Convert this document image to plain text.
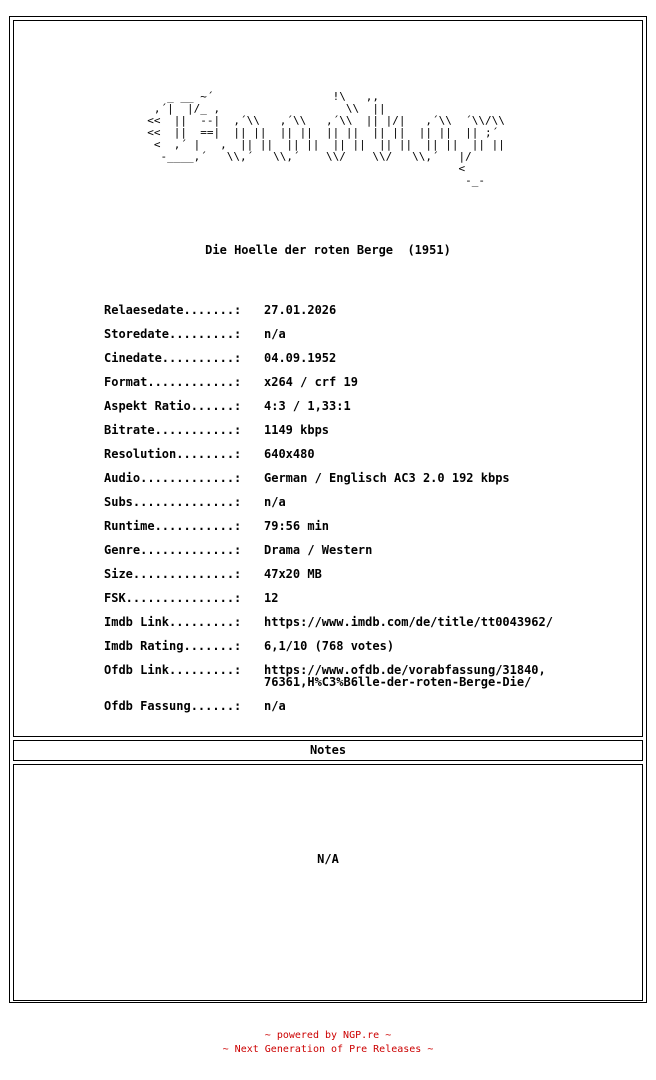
_ __ ~´                  !\   ,,
,´|  |/_ ,                   \\  ||
<<  ||  --|  ,´\\   ,´\\   ,´\\  || |/|   ,´\\  ´\\/\\
<<  ||  ==|  || ||  || ||  || ||  || ||  || ||  || ;´
<  ,´ |   ,  || ||  || ||  || ||  || ||  || ||  || ||
-____,´   \\,´   \\,´    \\/    \\/   \\,´   |/
<
-_-
Die Hoelle der roten Berge  (1951)
Relaesedate.......:	27.01.2026
Storedate.........:	n/a
Cinedate..........:	04.09.1952
Format............:	x264 / crf 19
Aspekt Ratio......:	4:3 / 1,33:1
Bitrate...........:	1149 kbps
Resolution........:	640x480
Audio.............:	German / Englisch AC3 2.0 192 kbps
Subs..............:	n/a
Runtime...........:	79:56 min
Genre.............:	Drama / Western
Size..............:	47x20 MB
FSK...............:	12
Imdb Link.........:	https://www.imdb.com/de/title/tt0043962/
Imdb Rating.......:	6,1/10 (768 votes)
Ofdb Link.........:	https://www.ofdb.de/vorabfassung/31840,
76361,H%C3%B6lle-der-roten-Berge-Die/
Ofdb Fassung......:	n/a
Notes
N/A
~ powered by NGP.re ~
~ Next Generation of Pre Releases ~
